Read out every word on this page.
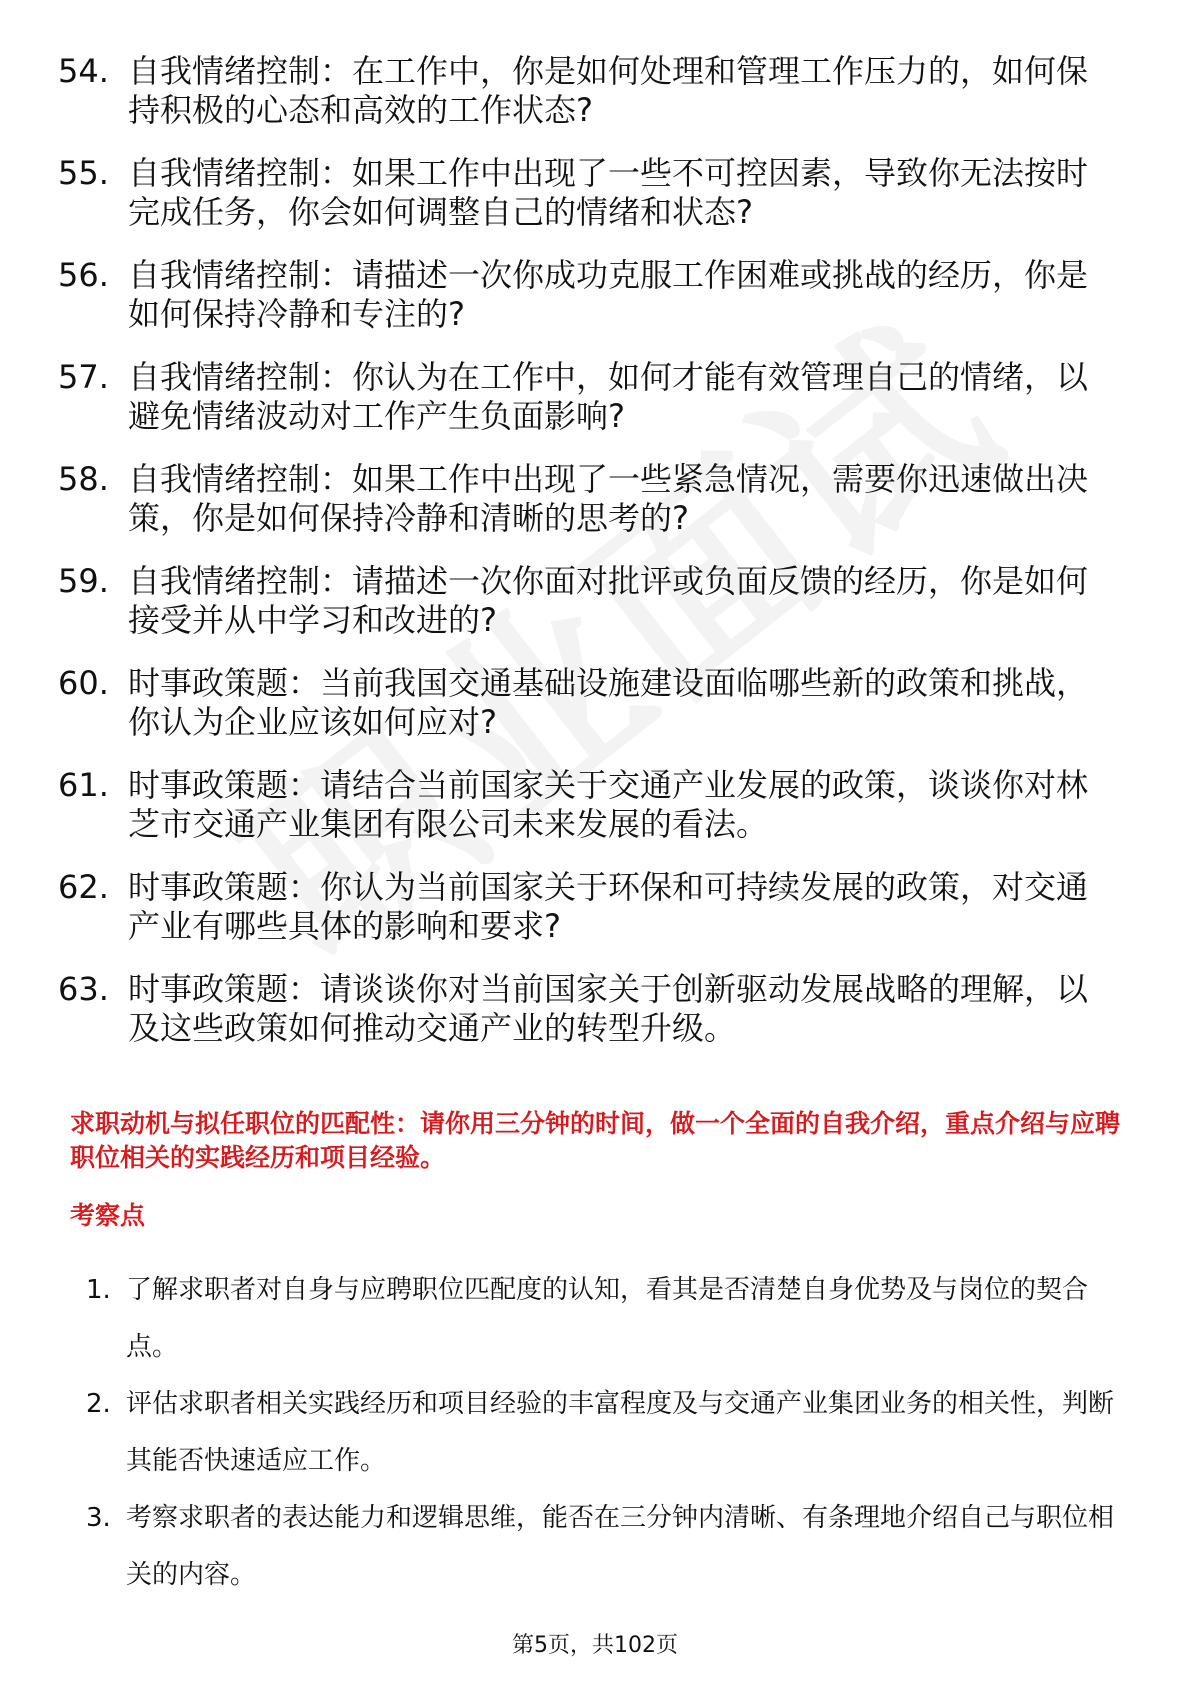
54. 自我情绪控制：在工作中，你是如何处理和管理工作压力的，如何保持积极的心态和高效的工作状态?
55. 自我情绪控制：如果工作中出现了一些不可控因素，导致你无法按时完成任务，你会如何调整自己的情绪和状态?
56. 自我情绪控制：请描述一次你成功克服工作困难或挑战的经历，你是如何保持冷静和专注的?
57. 自我情绪控制：你认为在工作中，如何才能有效管理自己的情绪，以避免情绪波动对工作产生负面影响?
58. 自我情绪控制：如果工作中出现了一些紧急情况，需要你迅速做出决策，你是如何保持冷静和清晰的思考的?
59. 自我情绪控制：请描述一次你面对批评或负面反馈的经历，你是如何接受并从中学习和改进的?
60. 时事政策题：当前我国交通基础设施建设面临哪些新的政策和挑战，你认为企业应该如何应对?
61. 时事政策题：请结合当前国家关于交通产业发展的政策，谈谈你对林芝市交通产业集团有限公司未来发展的看法。
62. 时事政策题：你认为当前国家关于环保和可持续发展的政策，对交通产业有哪些具体的影响和要求?
63. 时事政策题：请谈谈你对当前国家关于创新驱动发展战略的理解，以及这些政策如何推动交通产业的转型升级。
求职动机与拟任职位的匹配性：请你用三分钟的时间，做一个全面的自我介绍，重点介绍与应聘职位相关的实践经历和项目经验。
考察点
1. 了解求职者对自身与应聘职位匹配度的认知，看其是否清楚自身优势及与岗位的契合点。
2. 评估求职者相关实践经历和项目经验的丰富程度及与交通产业集团业务的相关性，判断其能否快速适应工作。
3. 考察求职者的表达能力和逻辑思维，能否在三分钟内清晰、有条理地介绍自己与职位相关的内容。
第5页，共102页
